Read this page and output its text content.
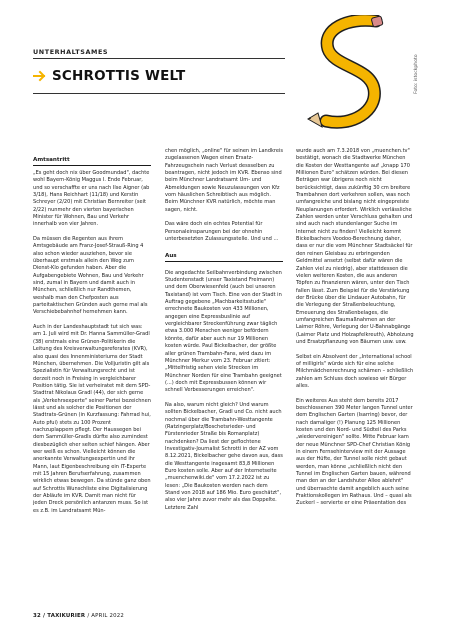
UNTERHALTSAMES
SCHROTTIS WELT	Foto: istockphoto
Amtsantritt

„Es geht doch nix über Goodmundad", dachte wohl Bayern-König Maggus I. Ende Februar, und so verschaffte er uns nach Ilse Aigner (ab 3/18), Hans Reichhart (11/18) und Kerstin Schreyer (2/20) mit Christian Bernreiter (seit 2/22) nunmehr den vierten bayerischen Minister für Wohnen, Bau und Verkehr innerhalb von vier Jahren.

Da müssen die Regenten aus ihrem Amtsgebäude am Franz-Josef-Strauß-Ring 4 also schon wieder ausziehen, bevor sie überhaupt erstmals allein den Weg zum Dienst-Klo gefunden haben. Aber die Aufgabengebiete Wohnen, Bau und Verkehr sind, zumal in Bayern und damit auch in München, schließlich nur Randthemen, weshalb man den Chefposten aus parteitaktischen Gründen auch gerne mal als Verschiebebahnhof hernehmen kann.

Auch in der Landeshauptstadt tut sich was: am 1. Juli wird mit Dr. Hanna Sammüller-Gradl (38) erstmals eine Grünen-Politikerin die Leitung des Kreisverwaltungsreferates (KVR), also quasi des Innenministeriums der Stadt München, übernehmen. Die Volljuristin gilt als Spezialistin für Verwaltungsrecht und ist derzeit noch in Freising in vergleichbarer Position tätig. Sie ist verheiratet mit dem SPD-Stadtrat Nikolaus Gradl (44), der sich gerne als „Verkehrsexperte" seiner Partei bezeichnen lässt und als solcher die Positionen der Stadtrats-Grünen (in Kurzfassung: Fahrrad hui, Auto pfui) stets zu 100 Prozent nachzuplappern pflegt. Der Haussegen bei dem Sammüller-Gradls dürfte also zumindest diesbezüglich eher selten schief hängen. Aber wer weiß es schon. Vielleicht können die anerkannte Verwaltungsexpertin und ihr Mann, laut Eigenbeschreibung ein IT-Experte mit 15 Jahren Berufserfahrung, zusammen wirklich etwas bewegen. Da stünde ganz oben auf Schrottis Wunschliste eine Digitalisierung der Abläufe im KVR. Damit man nicht für jeden Dreck persönlich antanzen muss. So ist es z.B. im Landratsamt Mün-

chen möglich, „online" für seinen im Landkreis zugelassenen Wagen einen Ersatz-Fahrzeugschein nach Verlust dessselben zu beantragen, nicht jedoch im KVR. Ebenso sind beim Münchner Landratsamt Um- und Abmeldungen sowie Neuzulassungen von Kfz vom häuslichen Schreibtisch aus möglich. Beim Münchner KVR natürlich, möchte man sagen, nicht.

Das wäre doch ein echtes Potential für Personaleinsparungen bei der ohnehin unterbesetzten Zulassungsstelle. Und und ...

Aus

Die angedachte Seilbahnverbindung zwischen Studentenstadt (unser Taxistand Freimann) und dem Oberwiesenfeld (auch bei unseren Taxistand) ist vom Tisch. Eine von der Stadt in Auftrag gegebene „Machbarkeitsstudie" errechnete Baukosten von 433 Millionen, angegen eine Expressbuslinie auf vergleichbarer Streckenführung zwar täglich etwa 3.000 Menschen weniger befördern könnte, dafür aber auch nur 19 Millionen kosten würde. Paul Bickelbacher, der größte aller grünen Trambahn-Fans, wird dazu im Münchner Merkur vom 23. Februar zitiert: „Mittelfristig sehen viele Strecken im Münchner Norden für eine Trambahn geeignet (...) doch mit Expressbussen können wir schnell Verbesserungen erreichen".

Na also, warum nicht gleich? Und warum sollten Bickelbacher, Gradl und Co. nicht auch nochmal über die Trambahn-Westtangente (Ratzingerplatz/Boschetsrieder- und Fürstenrieder Straße bis Romanplatz) nachdenken? Da liest der geflochtene Investigativ-Journalist Schrotti in der AZ vom 8.12.2021, Bickelbacher gehe davon aus, dass die Westtangente insgesamt 83,8 Millionen Euro kosten solle. Aber auf der Internetseite „muenchenwiki.de" vom 17.2.2022 ist zu lesen: „Die Baukosten werden nach dem Stand von 2018 auf 186 Mio. Euro geschätzt", also vier Jahre zuvor mehr als das Doppelte. Letztere Zahl

wurde auch am 7.3.2018 von „muenchen.tv" bestätigt, wonach die Stadtwerke München die Kosten der Westtangente auf „knapp 170 Millionen Euro" schätzen würden. Bei diesen Beträgen war übrigens noch nicht berücksichtigt, dass zukünftig 30 cm breitere Trambahnen dort verkehren sollen, was noch umfangreiche und bislang nicht eingepreiste Neuplanungen erfordert. Wirklich verlässliche Zahlen werden unter Verschluss gehalten und sind auch nach stundenlanger Suche im Internet nicht zu finden! Vielleicht kommt Bickelbachers Voodoo-Berechnung daher, dass er nur die vom Münchner Stadtsäckel für den reinen Gleisbau zu erbringenden Geldmittel ansetzt (selbst dafür wären die Zahlen viel zu niedrig), aber stattdessen die vielen weiteren Kosten, die aus anderen Töpfen zu finanzieren wären, unter den Tisch fallen lässt. Zum Beispiel für die Verstärkung der Brücke über die Lindauer Autobahn, für die Verlegung der Straßenbeleuchtung, Erneuerung des Straßenbelages, die umfangreichen Baumaßnahmen an der Laimer Röhre, Verlegung der U-Bahnabgänge (Laimer Platz und Holzapfelkreuth), Abholzung und Ersatzpflanzung von Bäumen usw. usw.

Selbst ein Absolvent der „International school of milligirls" würde sich für eine solche Milchmädchenrechnung schämen – schließlich zahlen am Schluss doch sowieso wir Bürger alles.

Ein weiteres Aus steht dem bereits 2017 beschlossenen 390 Meter langen Tunnel unter dem Englischen Garten (Isarring) bevor, der nach damaliger (!) Planung 125 Millionen kosten und den Nord- und Südteil des Parks „wiedervereinigen" sollte. Mitte Februar kam der neue Münchner SPD-Chef Christian König in einem Fernsehinterview mit der Aussage aus der Hüfte, der Tunnel solle nicht gebaut werden, man könne „schließlich nicht den Tunnel im Englischen Garten bauen, während man den an der Landshuter Allee ablehnt" und überraschte damit angeblich auch seine Fraktionskollegen im Rathaus. Und – quasi als Zuckerl – servierte er eine Präsentation des

32 / TAXIKURIER / APRIL 2022
